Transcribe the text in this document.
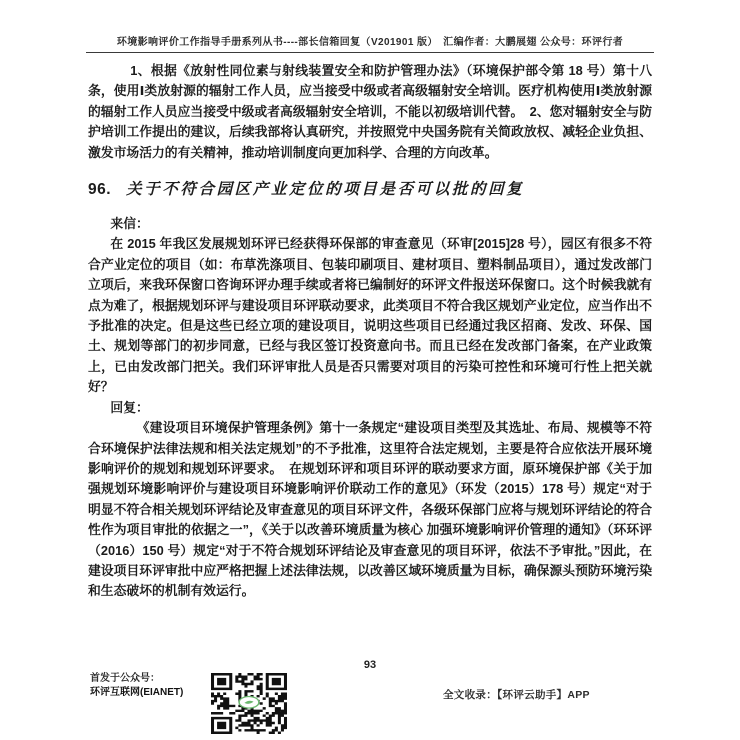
环境影响评价工作指导手册系列从书----部长信箱回复（V201901 版）　汇编作者：大鹏展翅 公众号：环评行者

1、根据《放射性同位素与射线装置安全和防护管理办法》（环境保护部令第 18 号）第十八条，使用Ⅰ类放射源的辐射工作人员，应当接受中级或者高级辐射安全培训。医疗机构使用Ⅰ类放射源的辐射工作人员应当接受中级或者高级辐射安全培训，不能以初级培训代替。　2、您对辐射安全与防护培训工作提出的建议，后续我部将认真研究，并按照党中央国务院有关简政放权、减轻企业负担、激发市场活力的有关精神，推动培训制度向更加科学、合理的方向改革。

96. 关于不符合园区产业定位的项目是否可以批的回复

来信：

在 2015 年我区发展规划环评已经获得环保部的审查意见（环审[2015]28 号），园区有很多不符合产业定位的项目（如：布草洗涤项目、包装印刷项目、建材项目、塑料制品项目），通过发改部门立项后，来我环保窗口咨询环评办理手续或者将已编制好的环评文件报送环保窗口。这个时候我就有点为难了，根据规划环评与建设项目环评联动要求，此类项目不符合我区规划产业定位，应当作出不予批准的决定。但是这些已经立项的建设项目，说明这些项目已经通过我区招商、发改、环保、国土、规划等部门的初步同意，已经与我区签订投资意向书。而且已经在发改部门备案，在产业政策上，已由发改部门把关。我们环评审批人员是否只需要对项目的污染可控性和环境可行性上把关就好？

回复：

《建设项目环境保护管理条例》第十一条规定“建设项目类型及其选址、布局、规模等不符合环境保护法律法规和相关法定规划”的不予批准，这里符合法定规划，主要是符合应依法开展环境影响评价的规划和规划环评要求。　在规划环评和项目环评的联动要求方面，原环境保护部《关于加强规划环境影响评价与建设项目环境影响评价联动工作的意见》（环发（2015）178 号）规定“对于明显不符合相关规划环评结论及审查意见的项目环评文件，各级环保部门应将与规划环评结论的符合性作为项目审批的依据之一”，《关于以改善环境质量为核心 加强环境影响评价管理的通知》（环环评（2016）150 号）规定“对于不符合规划环评结论及审查意见的项目环评，依法不予审批。”因此，在建设项目环评审批中应严格把握上述法律法规，以改善区域环境质量为目标，确保源头预防环境污染和生态破坏的机制有效运行。

93
首发于公众号：
环评互联网(EIANET)	全文收录：【环评云助手】APP
